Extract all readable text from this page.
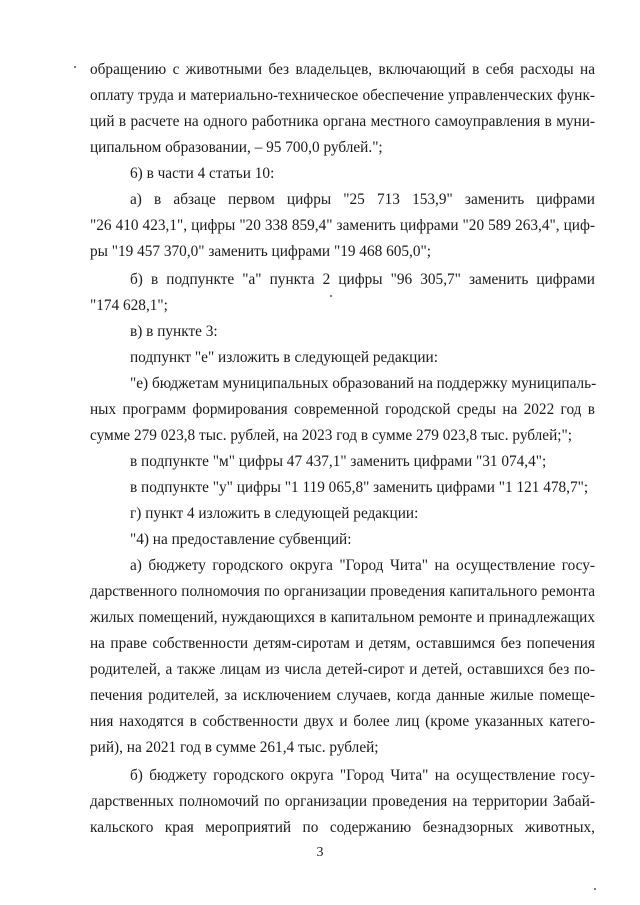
обращению с животными без владельцев, включающий в себя расходы на
оплату труда и материально-техническое обеспечение управленческих функ-
ций в расчете на одного работника органа местного самоуправления в муни-
ципальном образовании, – 95 700,0 рублей.";
6) в части 4 статьи 10:
а) в абзаце первом цифры "25 713 153,9" заменить цифрами
"26 410 423,1", цифры "20 338 859,4" заменить цифрами "20 589 263,4", циф-
ры "19 457 370,0" заменить цифрами "19 468 605,0";
б) в подпункте "а" пункта 2 цифры "96 305,7" заменить цифрами
"174 628,1";
в) в пункте 3:
подпункт "е" изложить в следующей редакции:
"е) бюджетам муниципальных образований на поддержку муниципаль-
ных программ формирования современной городской среды на 2022 год в
сумме 279 023,8 тыс. рублей, на 2023 год в сумме 279 023,8 тыс. рублей;";
в подпункте "м" цифры 47 437,1" заменить цифрами "31 074,4";
в подпункте "у" цифры "1 119 065,8" заменить цифрами "1 121 478,7";
г) пункт 4 изложить в следующей редакции:
"4) на предоставление субвенций:
а) бюджету городского округа "Город Чита" на осуществление госу-
дарственного полномочия по организации проведения капитального ремонта
жилых помещений, нуждающихся в капитальном ремонте и принадлежащих
на праве собственности детям-сиротам и детям, оставшимся без попечения
родителей, а также лицам из числа детей-сирот и детей, оставшихся без по-
печения родителей, за исключением случаев, когда данные жилые помеще-
ния находятся в собственности двух и более лиц (кроме указанных катего-
рий), на 2021 год в сумме 261,4 тыс. рублей;
б) бюджету городского округа "Город Чита" на осуществление госу-
дарственных полномочий по организации проведения на территории Забай-
кальского края мероприятий по содержанию безнадзорных животных,
3
